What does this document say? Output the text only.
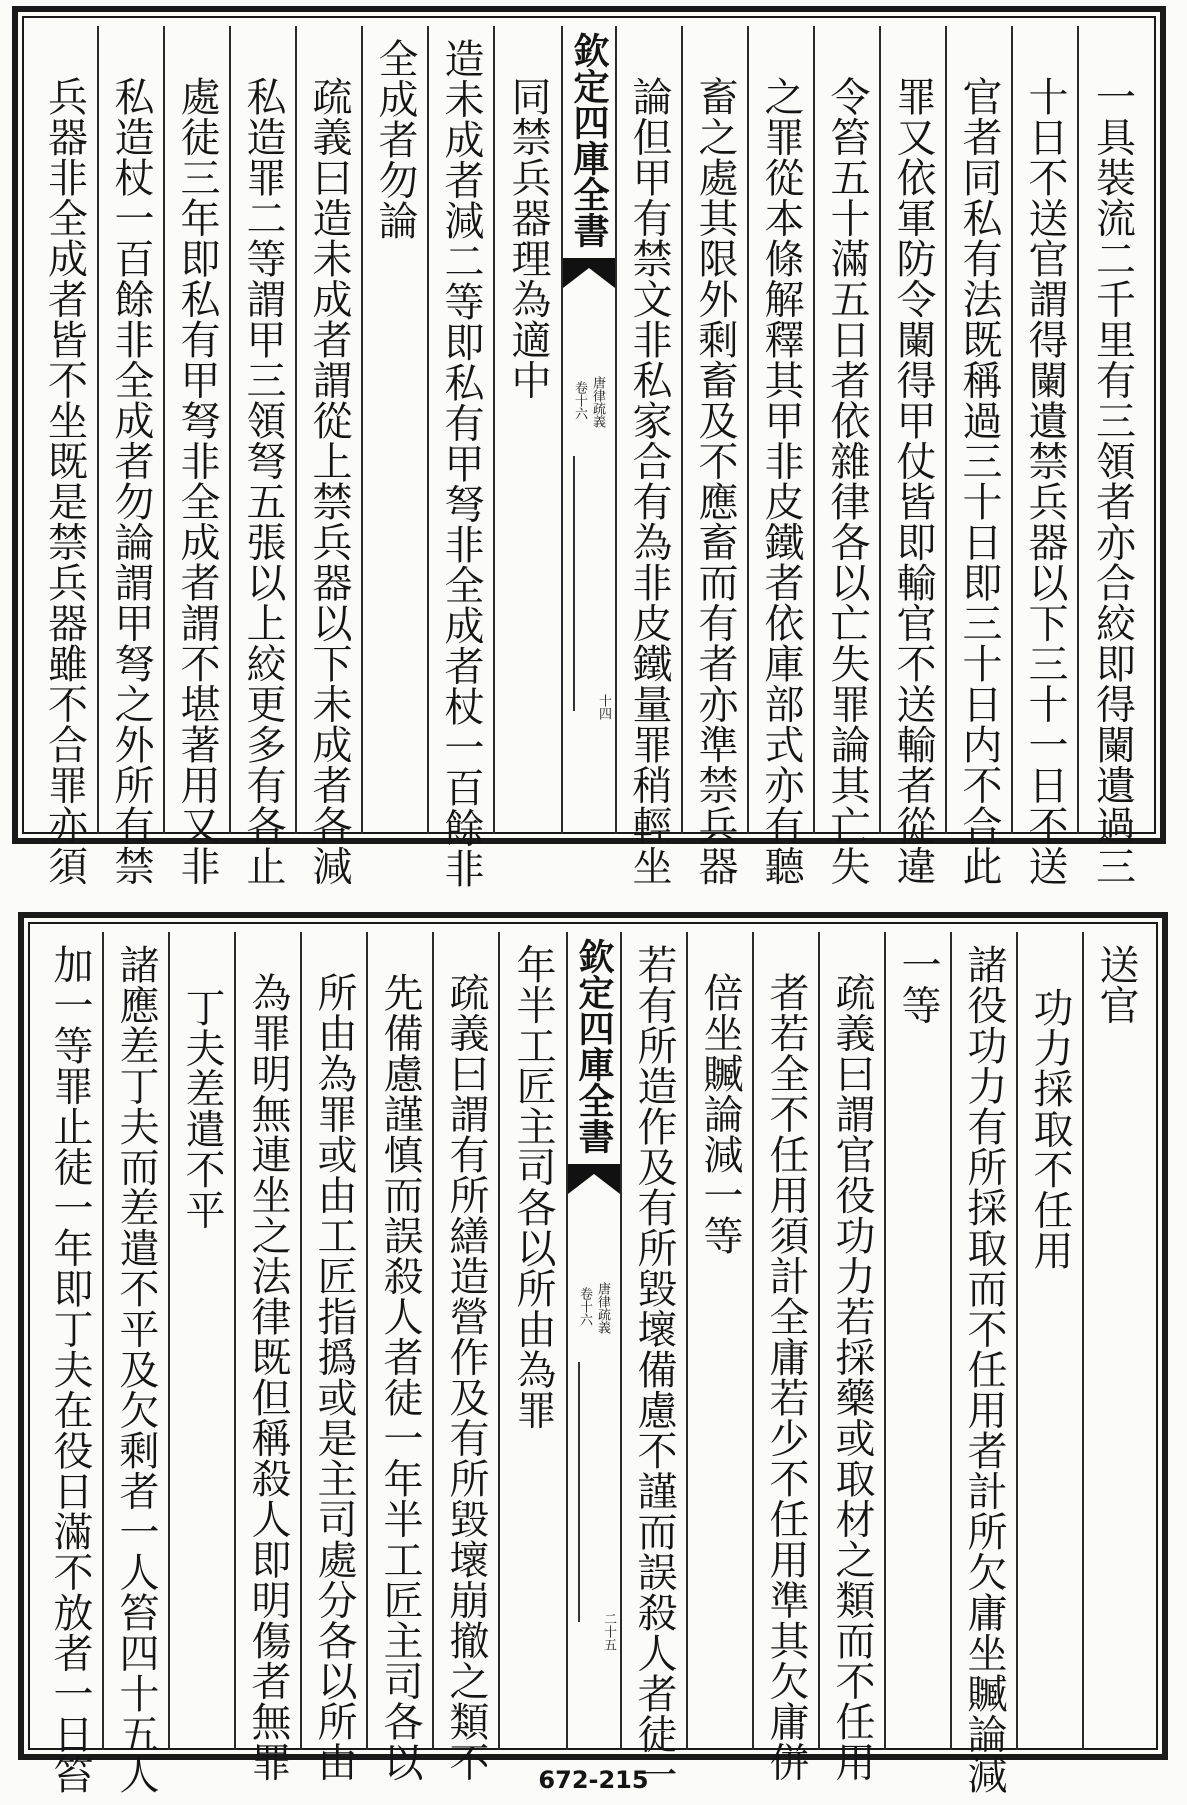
兵器非全成者皆不坐既是禁兵器雖不合罪亦須 私造杖一百餘非全成者勿論謂甲弩之外所有禁 處徒三年即私有甲弩非全成者謂不堪著用又非 私造罪二等謂甲三領弩五張以上絞更多有各止 疏義曰造未成者謂從上禁兵器以下未成者各減 全成者勿論 造未成者減二等即私有甲弩非全成者杖一百餘非 同禁兵器理為適中 欽定四庫全書
唐律疏義
卷十六
十四 論但甲有禁文非私家合有為非皮鐵量罪稍輕坐 畜之處其限外剩畜及不應畜而有者亦準禁兵器 之罪從本條解釋其甲非皮鐵者依庫部式亦有聽 令笞五十滿五日者依雜律各以亡失罪論其亡失 罪又依軍防令闌得甲仗皆即輸官不送輸者從違 官者同私有法既稱過三十日即三十日内不合此 十日不送官謂得闌遺禁兵器以下三十一日不送 一具裝流二千里有三領者亦合絞即得闌遺過三
加一等罪止徒一年即丁夫在役日滿不放者一日笞 諸應差丁夫而差遣不平及欠剩者一人笞四十五人 丁夫差遣不平 為罪明無連坐之法律既但稱殺人即明傷者無罪 所由為罪或由工匠指撝或是主司處分各以所由 先備慮謹慎而誤殺人者徒一年半工匠主司各以 疏義曰謂有所繕造營作及有所毀壞崩撤之類不 年半工匠主司各以所由為罪 欽定四庫全書
唐律疏義
卷十六
二十五 若有所造作及有所毀壞備慮不謹而誤殺人者徒一 倍坐贓論減一等 者若全不任用須計全庸若少不任用準其欠庸併 疏義曰謂官役功力若採藥或取材之類而不任用 一等 諸役功力有所採取而不任用者計所欠庸坐贓論減 功力採取不任用
送官
672-215
